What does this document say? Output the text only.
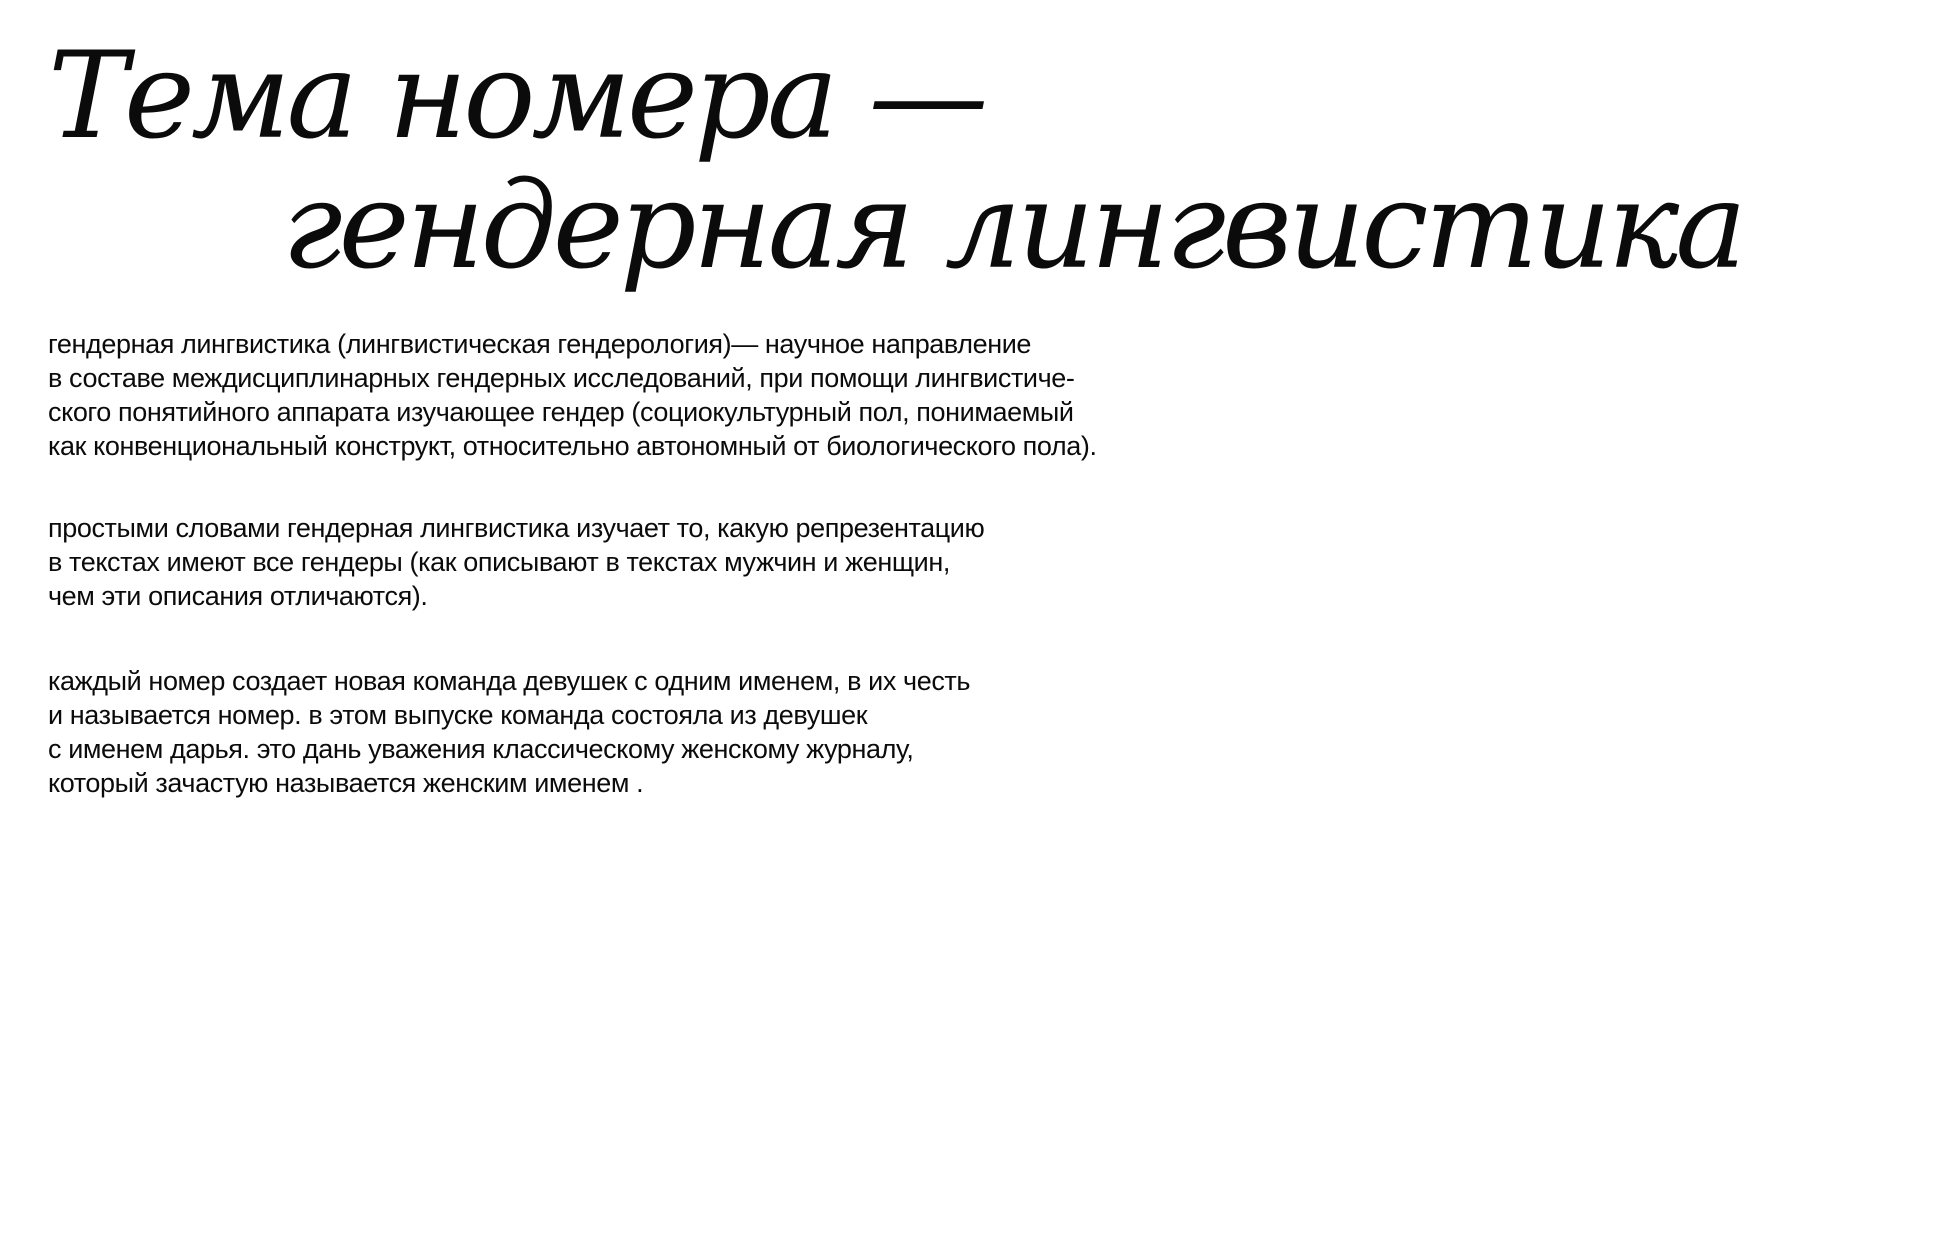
Тема номера —
гендерная лингвистика

гендерная лингвистика (лингвистическая гендерология)— научное направление
в составе междисциплинарных гендерных исследований, при помощи лингвистиче-
ского понятийного аппарата изучающее гендер (социокультурный пол, понимаемый
как конвенциональный конструкт, относительно автономный от биологического пола).

простыми словами гендерная лингвистика изучает то, какую репрезентацию
в текстах имеют все гендеры (как описывают в текстах мужчин и женщин,
чем эти описания отличаются).

каждый номер создает новая команда девушек с одним именем, в их честь
и называется номер. в этом выпуске команда состояла из девушек
с именем дарья. это дань уважения классическому женскому журналу,
который зачастую называется женским именем .
